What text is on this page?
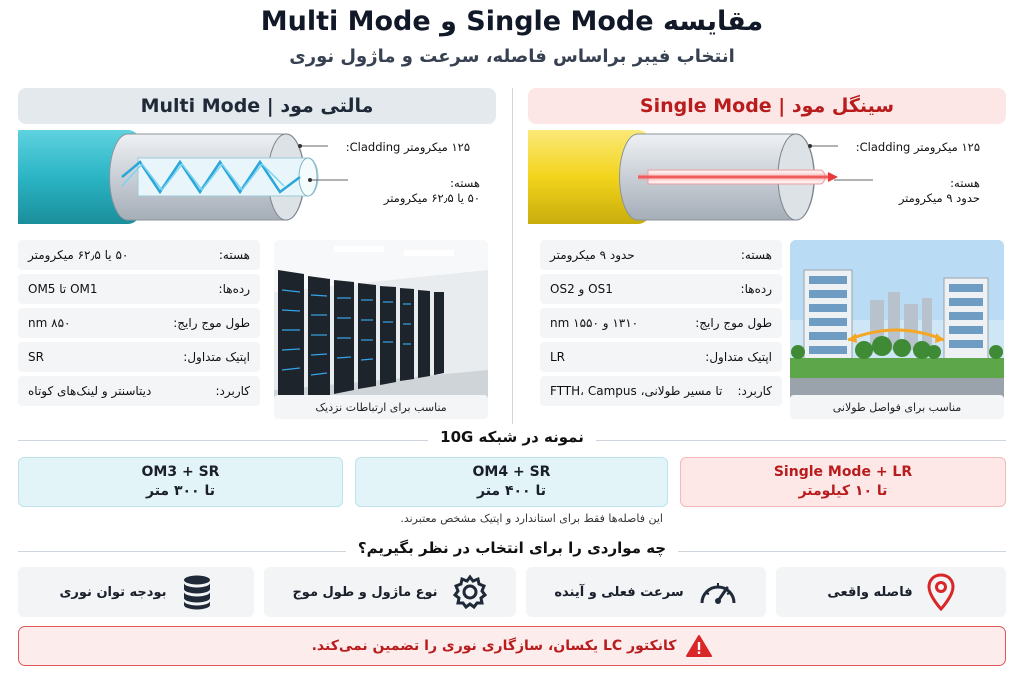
مقایسه Single Mode و Multi Mode
انتخاب فیبر براساس فاصله، سرعت و ماژول نوری
مالتی مود | Multi Mode	سینگل مود | Single Mode
۱۲۵ میکرومتر Cladding:
هسته:
۵۰ یا ۶۲٫۵ میکرومتر
۱۲۵ میکرومتر Cladding:
هسته:
حدود ۹ میکرومتر
هسته:
۵۰ یا ۶۲٫۵ میکرومتر
رده‌ها:
OM1 تا OM5
طول موج رایج:
۸۵۰ nm
اپتیک متداول:
SR
کاربرد:
دیتاسنتر و لینک‌های کوتاه
مناسب برای ارتباطات نزدیک
هسته:
حدود ۹ میکرومتر
رده‌ها:
OS1 و OS2
طول موج رایج:
۱۳۱۰ و ۱۵۵۰ nm
اپتیک متداول:
LR
کاربرد:
تا مسیر طولانی، FTTH، Campus
مناسب برای فواصل طولانی
نمونه در شبکه 10G
OM3 + SR
تا ۳۰۰ متر
OM4 + SR
تا ۴۰۰ متر
Single Mode + LR
تا ۱۰ کیلومتر
این فاصله‌ها فقط برای استاندارد و اپتیک مشخص معتبرند.
چه مواردی را برای انتخاب در نظر بگیریم؟
فاصله واقعی
سرعت فعلی و آینده
نوع ماژول و طول موج
بودجه توان نوری
کانکتور LC یکسان، سازگاری نوری را تضمین نمی‌کند.
